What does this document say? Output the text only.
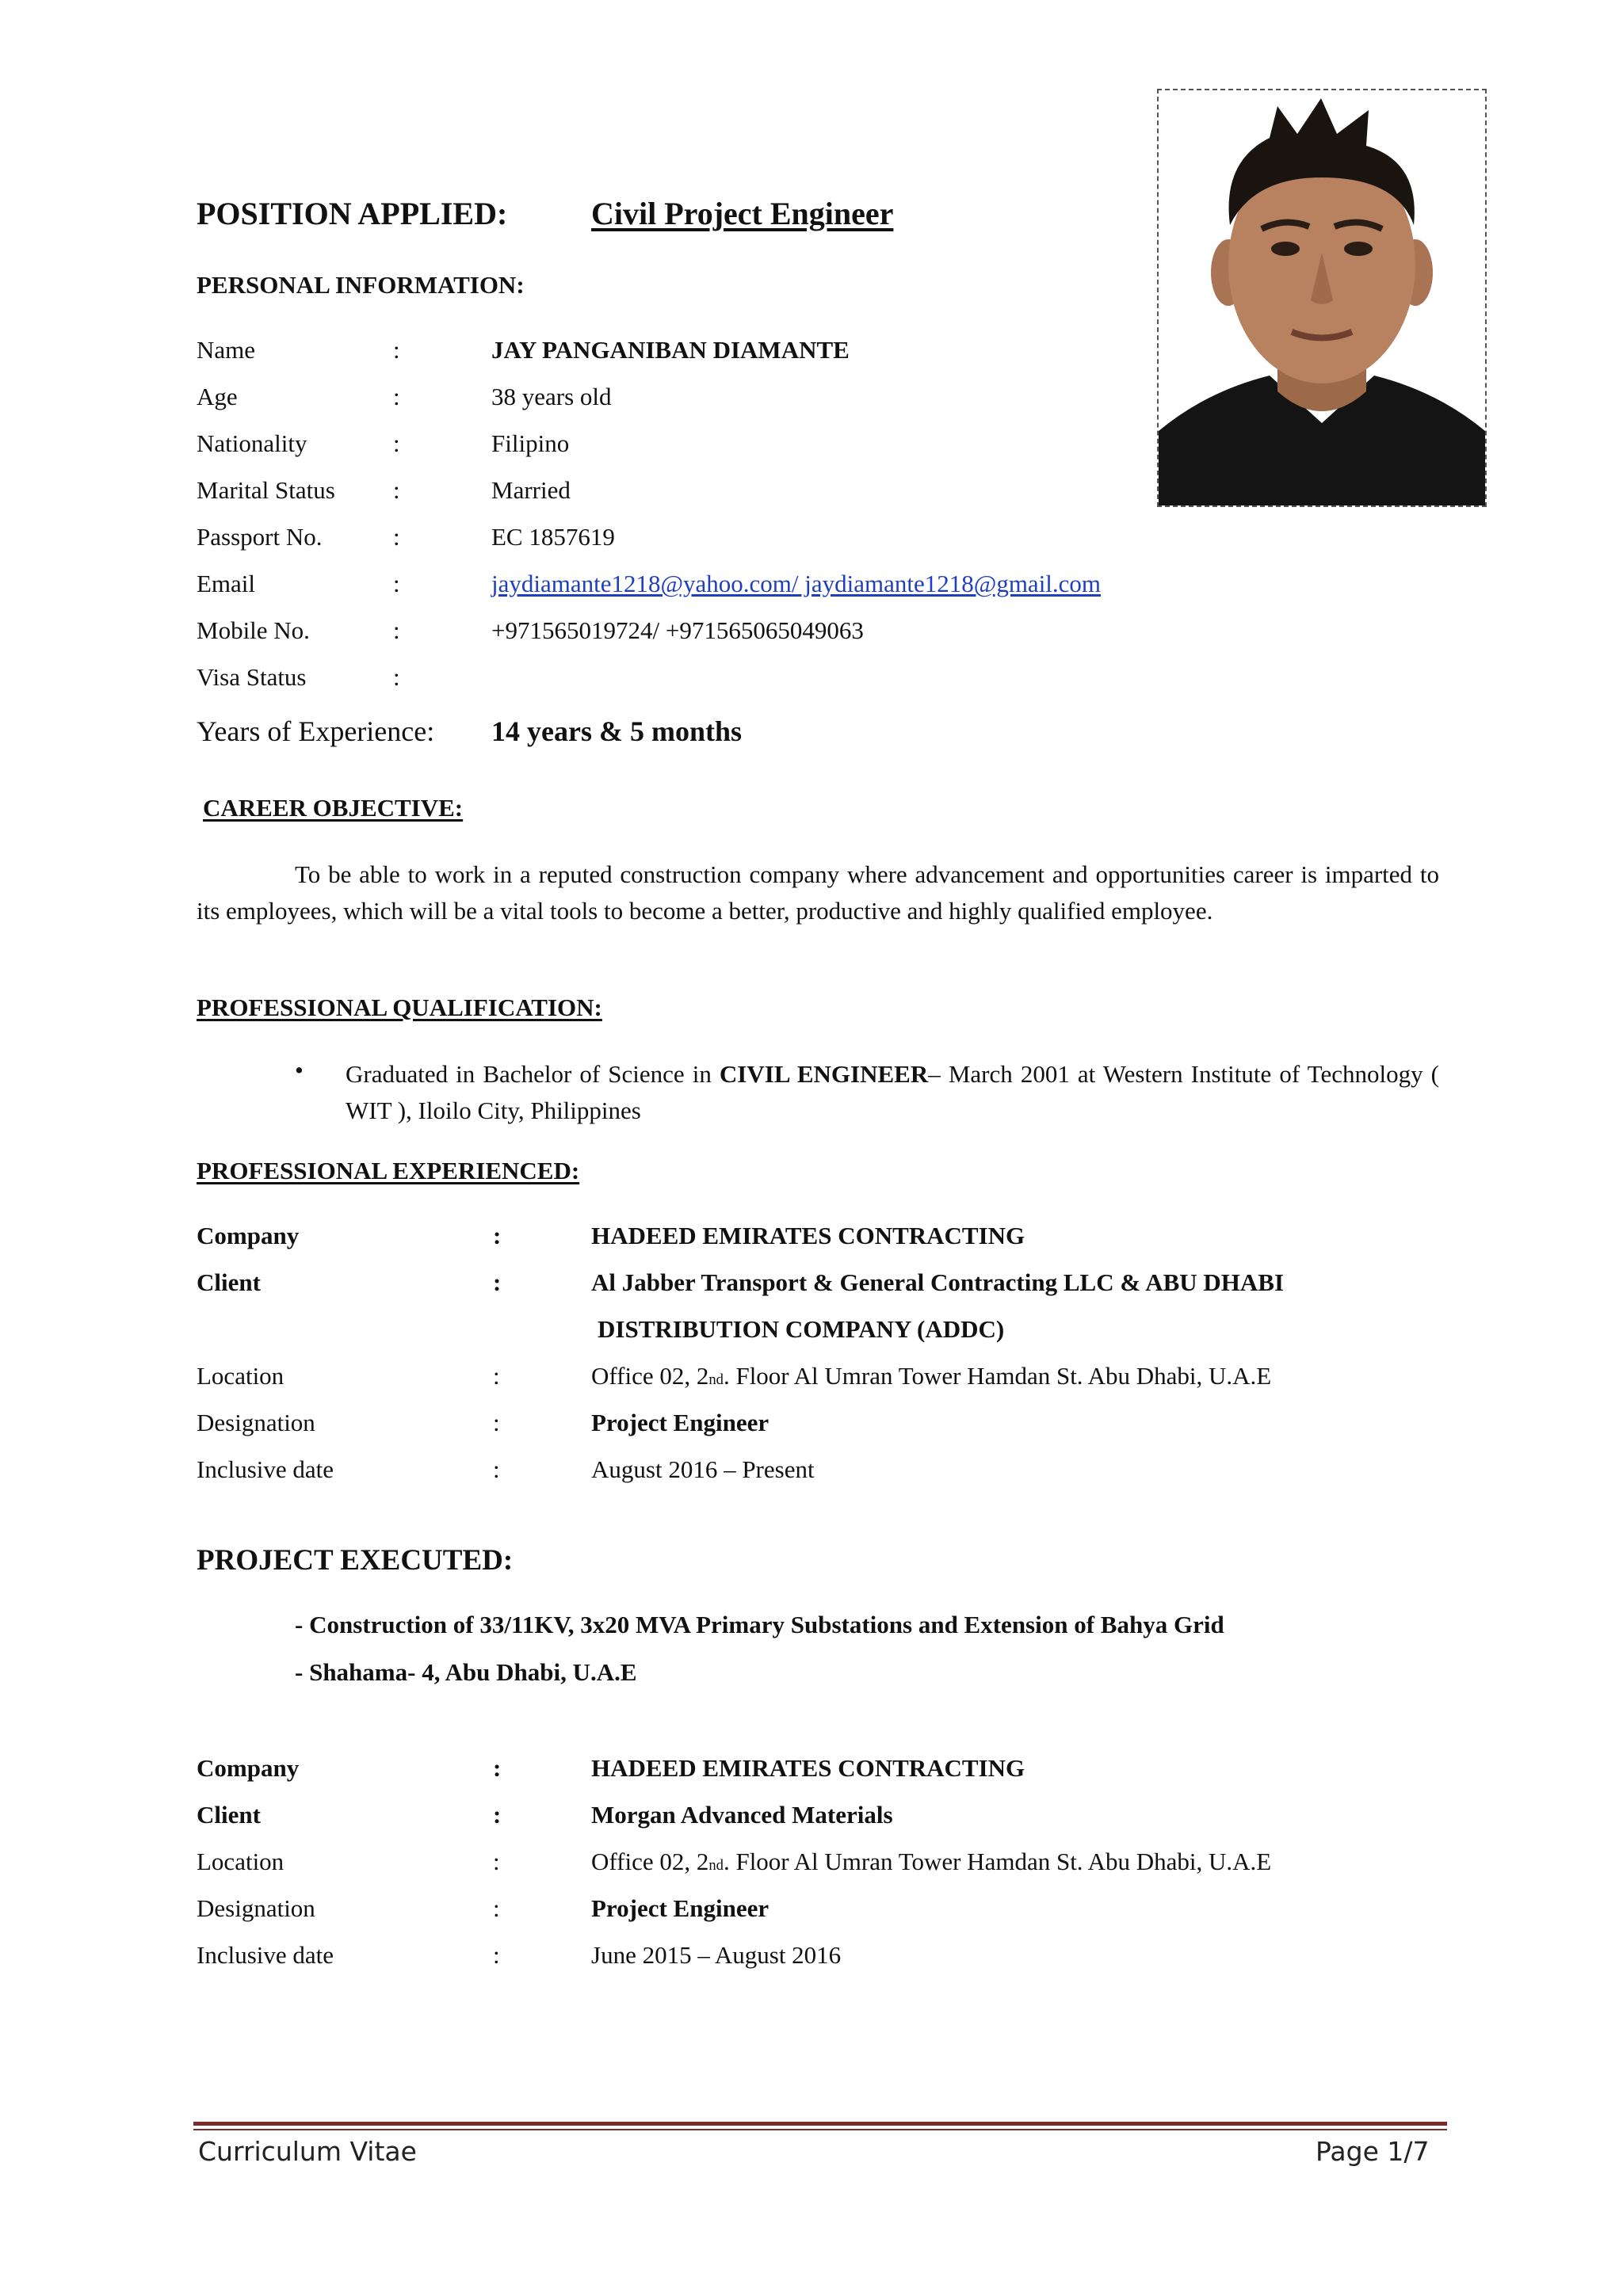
POSITION APPLIED:	Civil Project Engineer
PERSONAL INFORMATION:
Name	:	JAY PANGANIBAN DIAMANTE
Age	:	38 years old
Nationality	:	Filipino
Marital Status :	Married
Passport No.	:	EC 1857619
Email	:	jaydiamante1218@yahoo.com/ jaydiamante1218@gmail.com
Mobile No.	:	+971565019724/ +971565065049063
Visa Status	:
Years of Experience: 14 years & 5 months
CAREER OBJECTIVE:
To be able to work in a reputed construction company where advancement and opportunities career is imparted to its employees, which will be a vital tools to become a better, productive and highly qualified employee.
PROFESSIONAL QUALIFICATION:
• Graduated in Bachelor of Science in CIVIL ENGINEER– March 2001 at Western Institute of Technology ( WIT ), Iloilo City, Philippines
PROFESSIONAL EXPERIENCED:
Company	:	HADEED EMIRATES CONTRACTING
Client	:	Al Jabber Transport & General Contracting LLC & ABU DHABI
DISTRIBUTION COMPANY (ADDC)
Location	:	Office 02, 2nd. Floor Al Umran Tower Hamdan St. Abu Dhabi, U.A.E
Designation	:	Project Engineer
Inclusive date	:	August 2016 – Present
PROJECT EXECUTED:
- Construction of 33/11KV, 3x20 MVA Primary Substations and Extension of Bahya Grid
- Shahama- 4, Abu Dhabi, U.A.E
Company	:	HADEED EMIRATES CONTRACTING
Client	:	Morgan Advanced Materials
Location	:	Office 02, 2nd. Floor Al Umran Tower Hamdan St. Abu Dhabi, U.A.E
Designation	:	Project Engineer
Inclusive date	:	June 2015 – August 2016
Curriculum Vitae	Page 1/7
